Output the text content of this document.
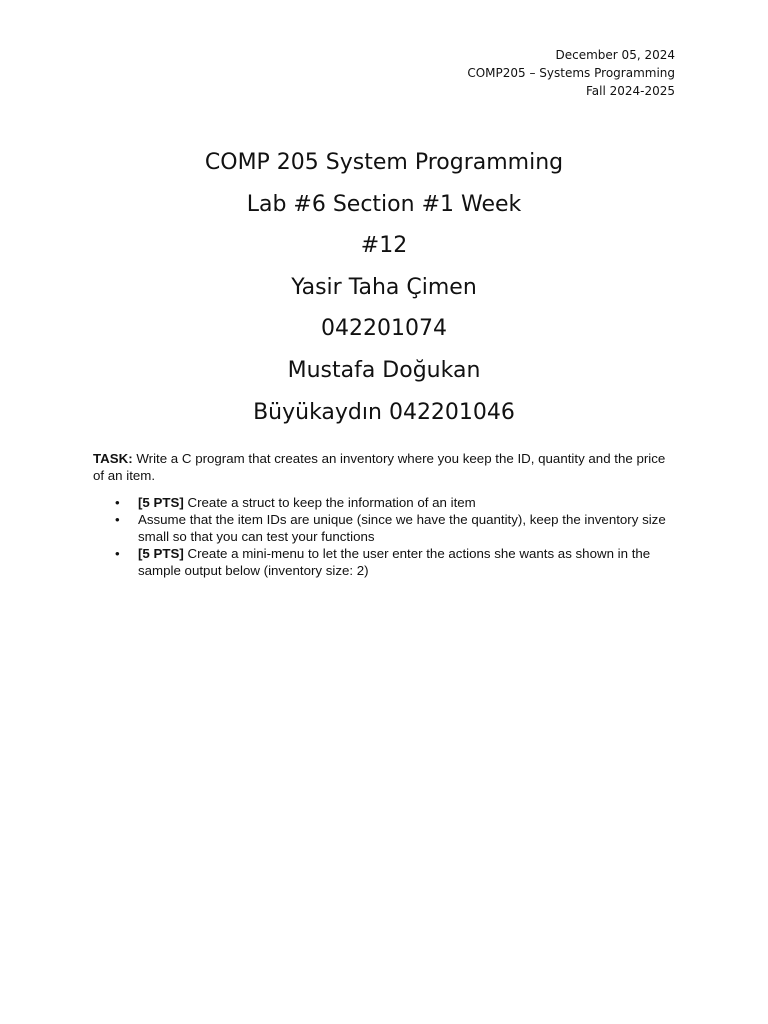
December 05, 2024
COMP205 – Systems Programming
Fall 2024-2025
COMP 205 System Programming
Lab #6 Section #1 Week
#12
Yasir Taha Çimen
042201074
Mustafa Doğukan
Büyükaydın 042201046
TASK: Write a C program that creates an inventory where you keep the ID, quantity and the price of an item.
• [5 PTS] Create a struct to keep the information of an item
• Assume that the item IDs are unique (since we have the quantity), keep the inventory size small so that you can test your functions
• [5 PTS] Create a mini-menu to let the user enter the actions she wants as shown in the sample output below (inventory size: 2)
